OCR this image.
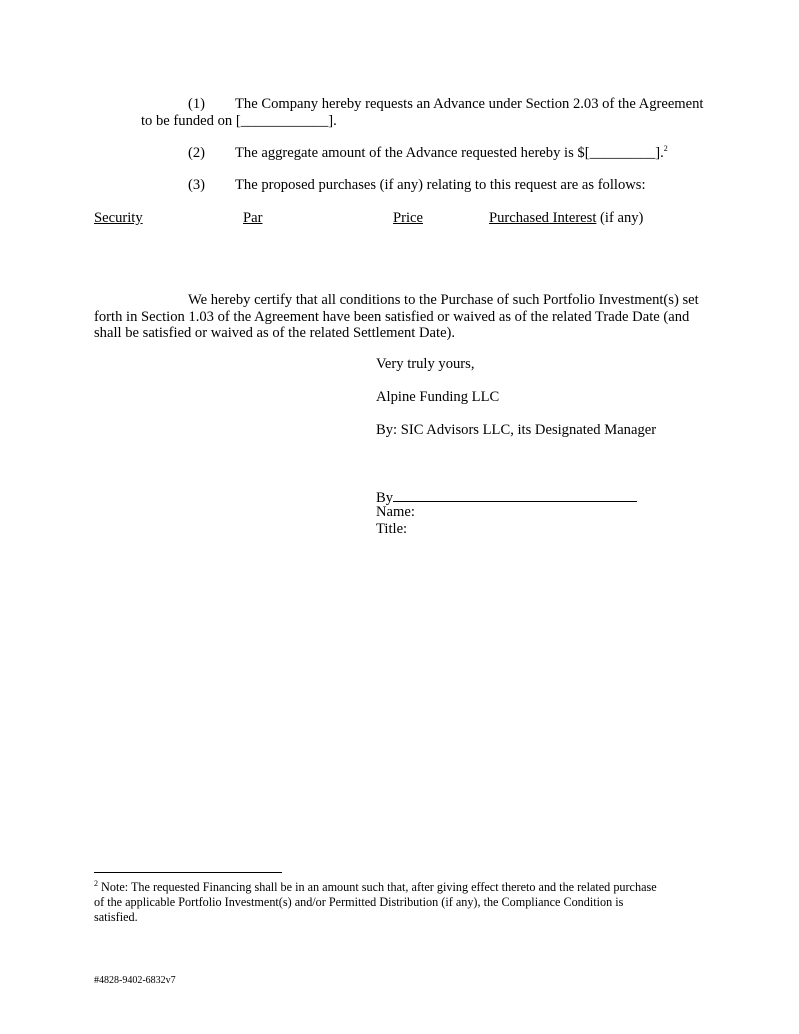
(1) The Company hereby requests an Advance under Section 2.03 of the Agreement
to be funded on [____________].
(2) The aggregate amount of the Advance requested hereby is $[_________].$^2$
(3) The proposed purchases (if any) relating to this request are as follows:
Security	Par	Price	Purchased Interest (if any)
We hereby certify that all conditions to the Purchase of such Portfolio Investment(s) set
forth in Section 1.03 of the Agreement have been satisfied or waived as of the related Trade Date (and
shall be satisfied or waived as of the related Settlement Date).
Very truly yours,
Alpine Funding LLC
By: SIC Advisors LLC, its Designated Manager
By
Name:
Title:
$^2$ Note: The requested Financing shall be in an amount such that, after giving effect thereto and the related purchase
of the applicable Portfolio Investment(s) and/or Permitted Distribution (if any), the Compliance Condition is
satisfied.
#4828-9402-6832v7
